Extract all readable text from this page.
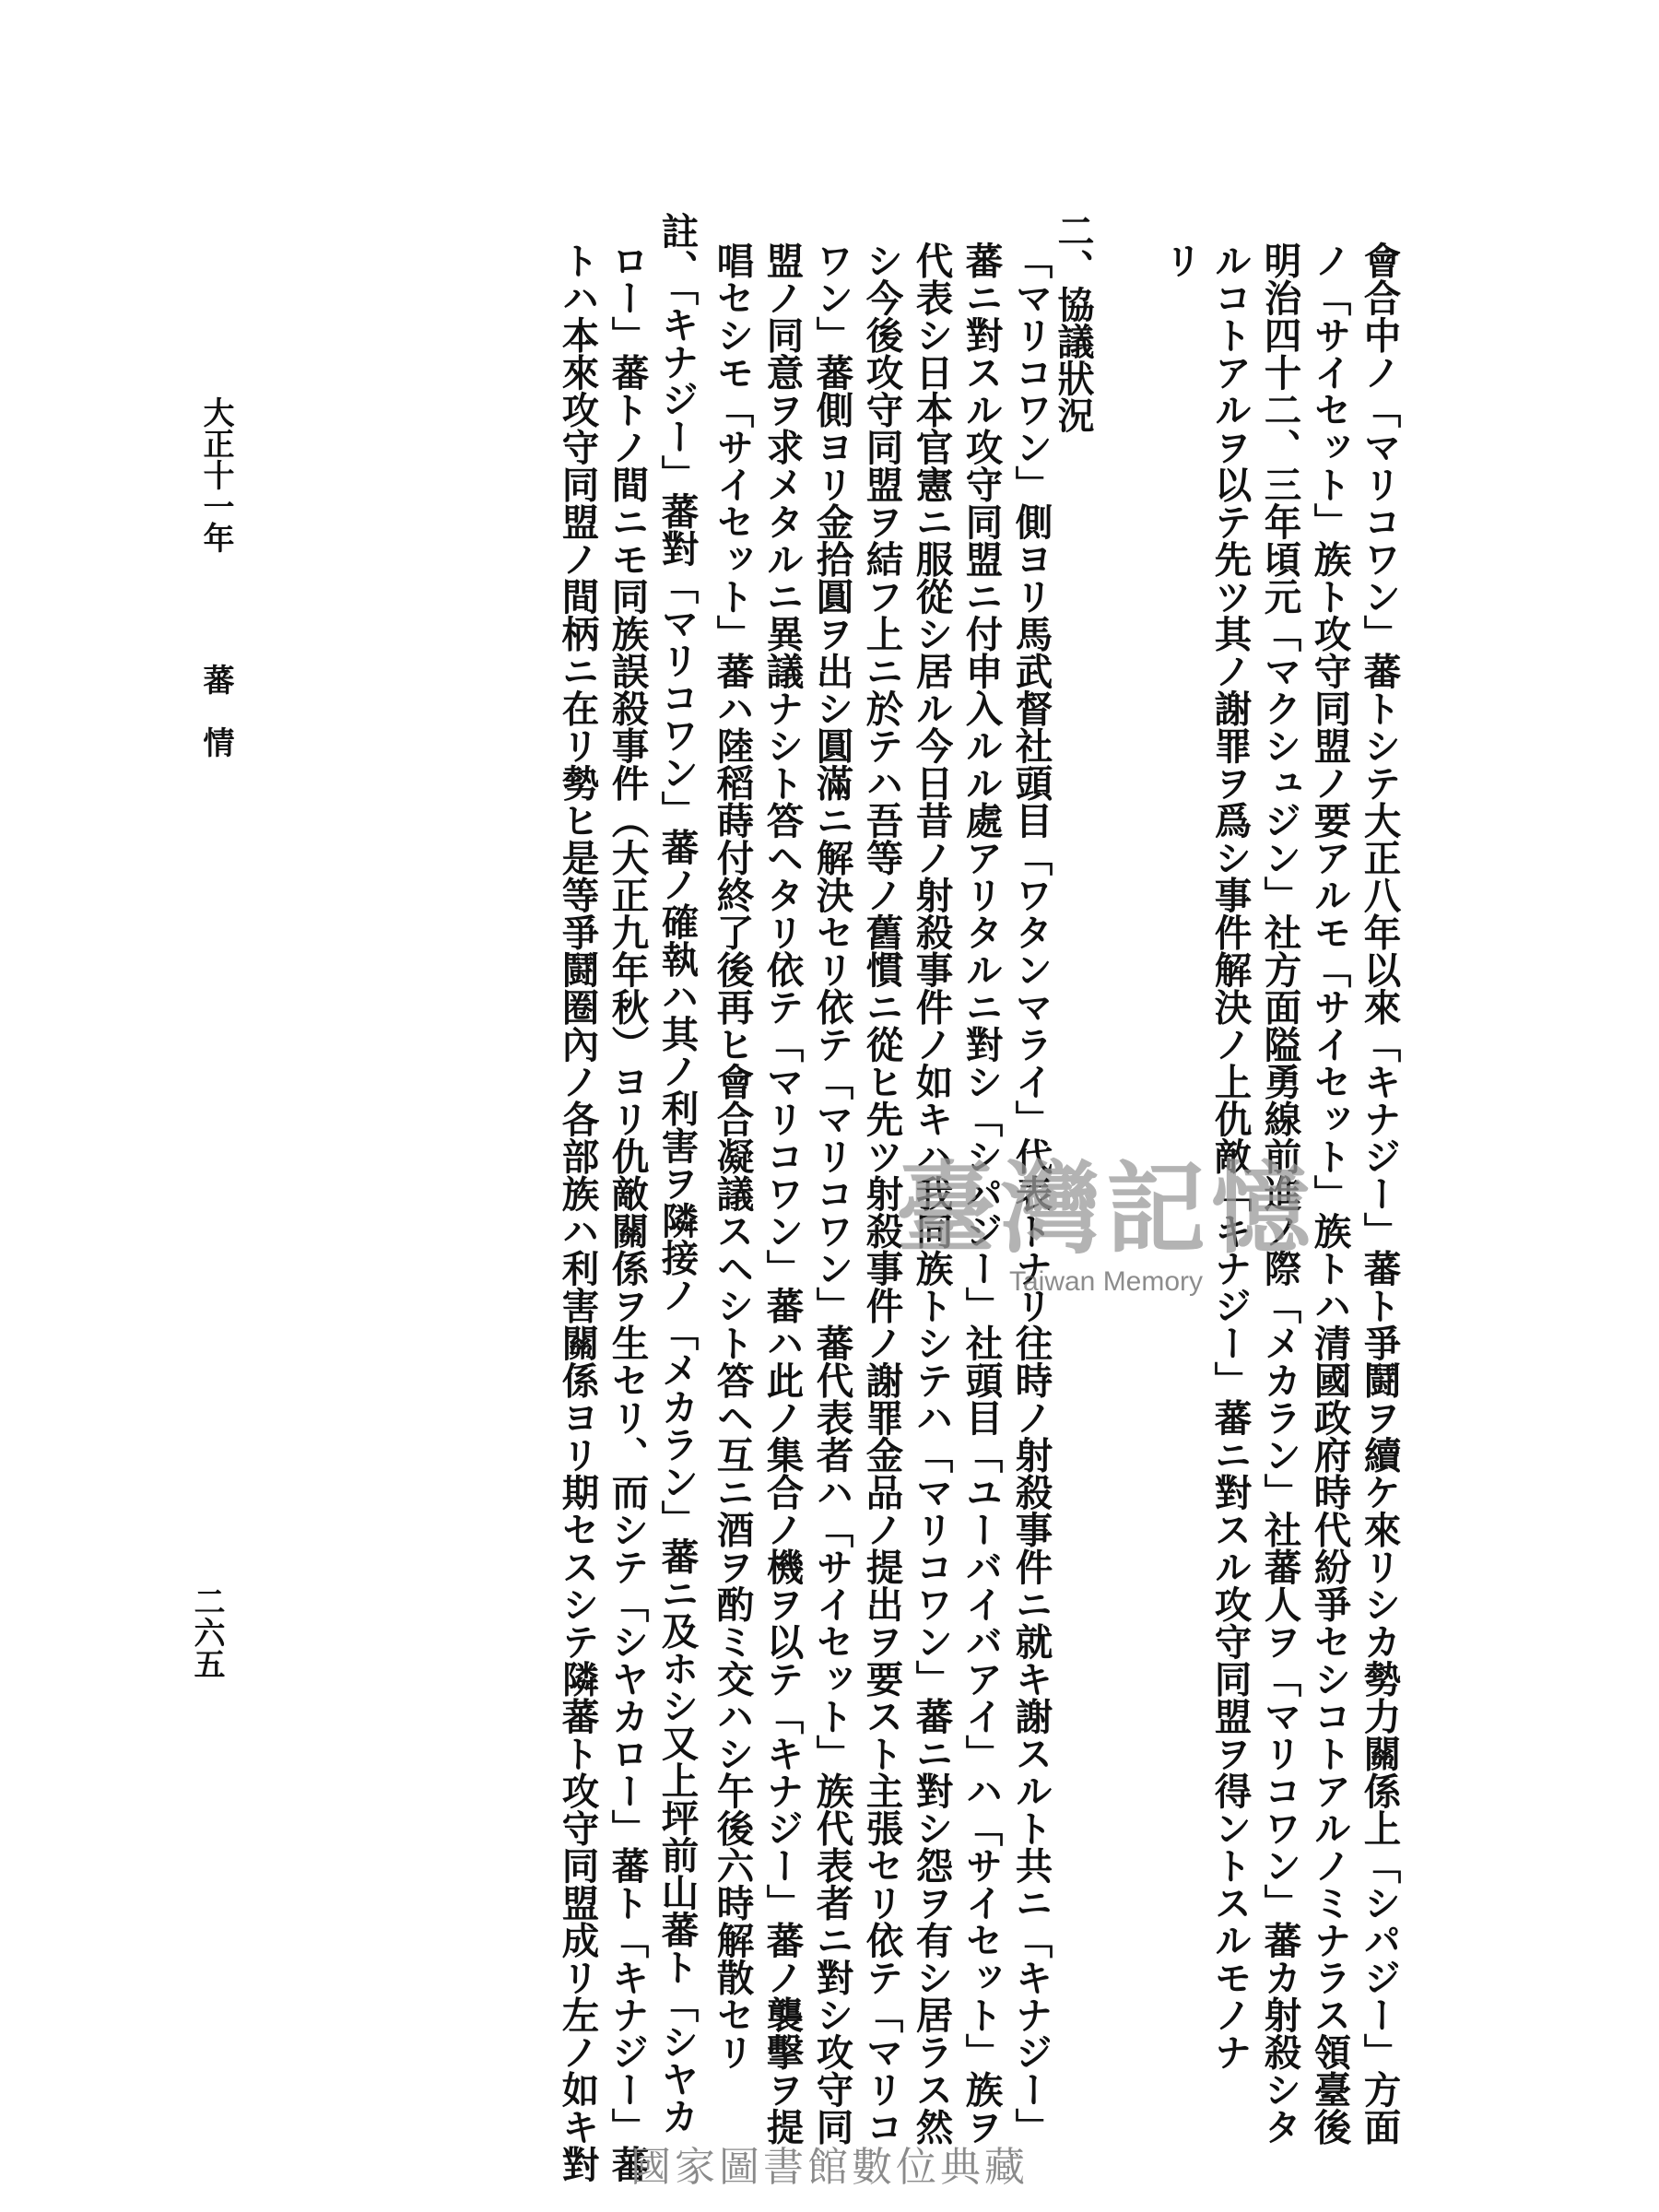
會合中ノ「マリコワン」蕃トシテ大正八年以來「キナジー」蕃ト爭鬪ヲ續ケ來リシカ勢力關係上「シパジー」方面
ノ「サイセット」族ト攻守同盟ノ要アルモ「サイセット」族トハ清國政府時代紛爭セシコトアルノミナラス領臺後
明治四十二、三年頃元「マクシュジン」社方面隘勇線前進ノ際「メカラン」社蕃人ヲ「マリコワン」蕃カ射殺シタ
ルコトアルヲ以テ先ツ其ノ謝罪ヲ爲シ事件解決ノ上仇敵「キナジー」蕃ニ對スル攻守同盟ヲ得ントスルモノナ
リ
二、協議狀況
「マリコワン」側ヨリ馬武督社頭目「ワタンマライ」代表トナリ往時ノ射殺事件ニ就キ謝スルト共ニ「キナジー」
蕃ニ對スル攻守同盟ニ付申入ルル處アリタルニ對シ「シパジー」社頭目「ユーバイバアイ」ハ「サイセット」族ヲ
代表シ日本官憲ニ服從シ居ル今日昔ノ射殺事件ノ如キハ我同族トシテハ「マリコワン」蕃ニ對シ怨ヲ有シ居ラス然
シ今後攻守同盟ヲ結フ上ニ於テハ吾等ノ舊慣ニ從ヒ先ツ射殺事件ノ謝罪金品ノ提出ヲ要スト主張セリ依テ「マリコ
ワン」蕃側ヨリ金拾圓ヲ出シ圓滿ニ解決セリ依テ「マリコワン」蕃代表者ハ「サイセット」族代表者ニ對シ攻守同
盟ノ同意ヲ求メタルニ異議ナシト答ヘタリ依テ「マリコワン」蕃ハ此ノ集合ノ機ヲ以テ「キナジー」蕃ノ襲擊ヲ提
唱セシモ「サイセット」蕃ハ陸稻蒔付終了後再ヒ會合凝議スヘシト答ヘ互ニ酒ヲ酌ミ交ハシ午後六時解散セリ
註、「キナジー」蕃對「マリコワン」蕃ノ確執ハ其ノ利害ヲ隣接ノ「メカラン」蕃ニ及ホシ又上坪前山蕃ト「シヤカ
ロー」蕃トノ間ニモ同族誤殺事件（大正九年秋）ヨリ仇敵關係ヲ生セリ、而シテ「シヤカロー」蕃ト「キナジー」蕃
トハ本來攻守同盟ノ間柄ニ在リ勢ヒ是等爭鬪圈內ノ各部族ハ利害關係ヨリ期セスシテ隣蕃ト攻守同盟成リ左ノ如キ對
大正十一年蕃　情
二六五
臺灣記憶
Taiwan Memory
國家圖書館數位典藏
